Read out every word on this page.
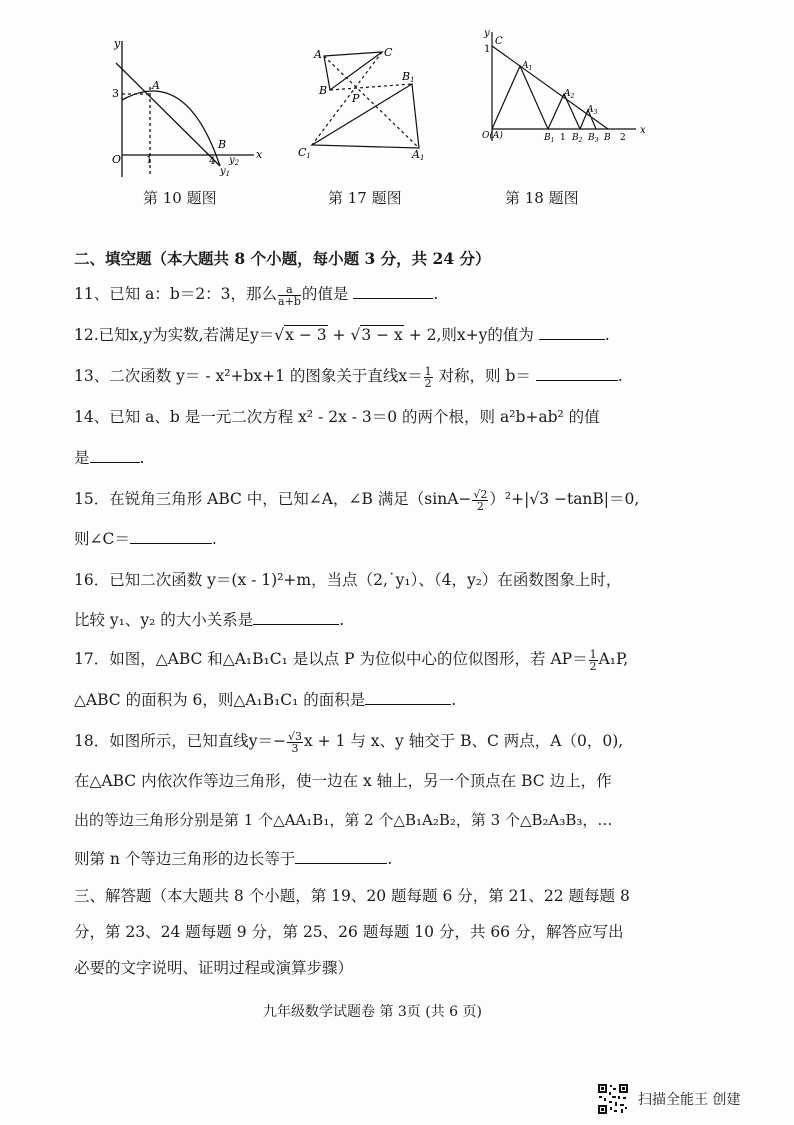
y
x
O
3
1	4
A
B
$y_2$
$y_1$
第 10 题图
A	C
B
P
B1
C1	A1
第 17 题图
y
1
C
x
O(A)
$A_1$
$A_2$
$A_3$
$B_1$ 1 $B_2$ $B_3$ B 2
第 18 题图
二、填空题（本大题共 8 个小题，每小题 3 分，共 24 分）
11、已知 a：b＝2：3，那么 $\frac{a}{a+b}$ 的值是	.
12.已知x,y为实数,若满足y＝√x − 3 + √3 − x + 2,则x+y的值为	.
13、二次函数 y＝ - x²+bx+1 的图象关于直线$x= \frac{1}{2}$ 对称，则 b＝	.
14、已知 a、b 是一元二次方程 x² - 2x - 3＝0 的两个根，则 a²b+ab² 的值
是	.
15．在锐角三角形 ABC 中，已知∠A，∠B 满足$(\sin A- \frac{√2}{2} )^2+|√3 -\tan B|=0$,
则∠C＝	.
16．已知二次函数 y＝(x - 1)²+m，当点（2,˙y₁）、（4，y₂）在函数图象上时，
比较 y₁、y₂ 的大小关系是	.
17．如图，△ABC 和△A₁B₁C₁ 是以点 P 为位似中心的位似图形，若 $AP= \frac{1}{2} A_1P$,
△ABC 的面积为 6，则△A₁B₁C₁ 的面积是	.
18．如图所示，已知直线$y=- \frac{√3}{3}$ x + 1 与 x、y 轴交于 B、C 两点，A（0，0),
在△ABC 内依次作等边三角形，使一边在 x 轴上，另一个顶点在 BC 边上，作
出的等边三角形分别是第 1 个△AA₁B₁，第 2 个△B₁A₂B₂，第 3 个△B₂A₃B₃，…
则第 n 个等边三角形的边长等于	.
三、解答题（本大题共 8 个小题，第 19、20 题每题 6 分，第 21、22 题每题 8
分，第 23、24 题每题 9 分，第 25、26 题每题 10 分，共 66 分，解答应写出
必要的文字说明、证明过程或演算步骤）
九年级数学试题卷 第 3页 (共 6 页)
扫描全能王 创建
